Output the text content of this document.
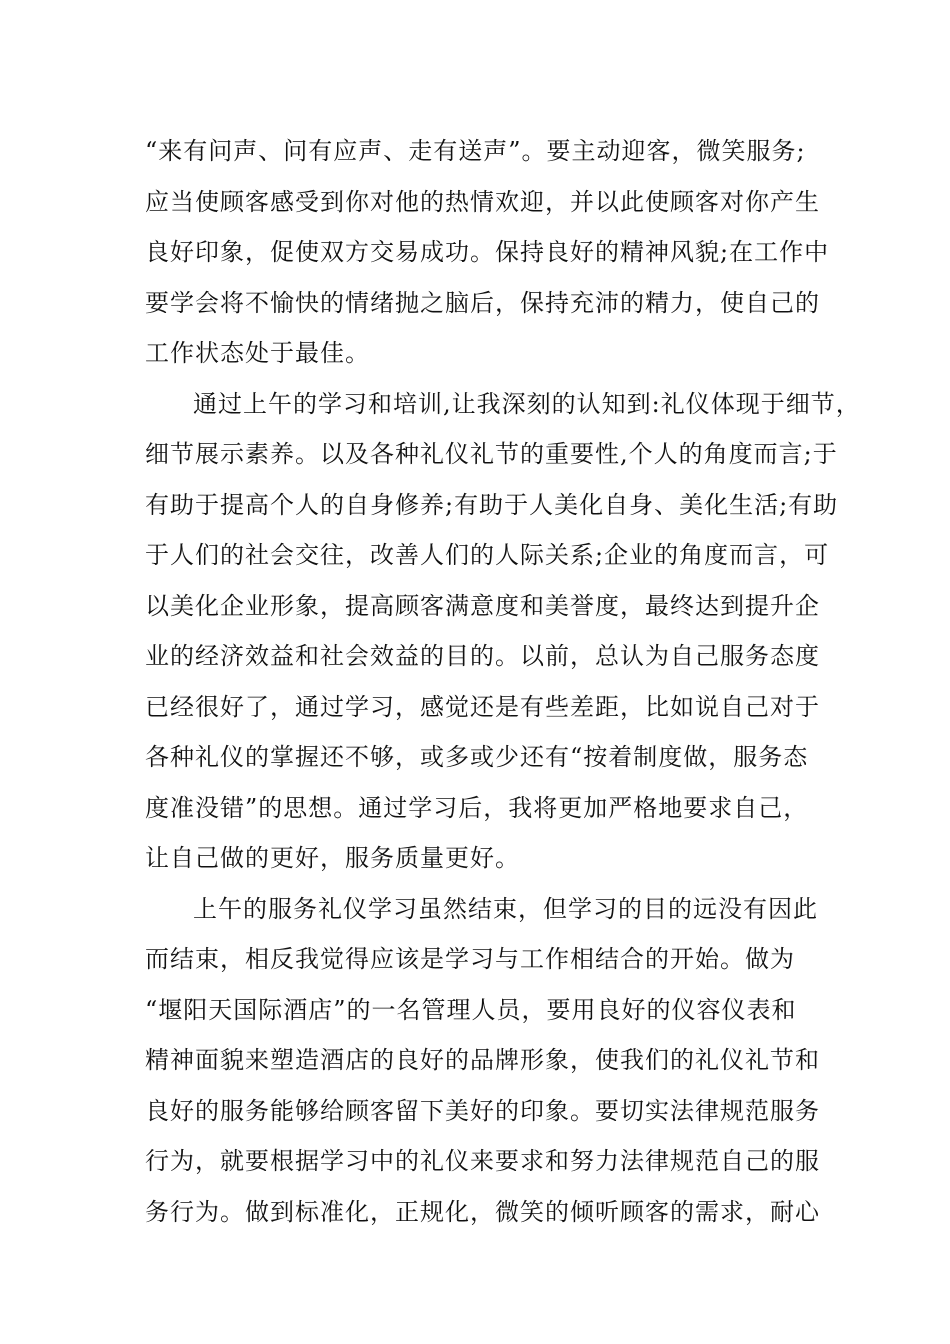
“来有问声、问有应声、走有送声”。要主动迎客，微笑服务;
应当使顾客感受到你对他的热情欢迎，并以此使顾客对你产生
良好印象，促使双方交易成功。保持良好的精神风貌;在工作中
要学会将不愉快的情绪抛之脑后，保持充沛的精力，使自己的
工作状态处于最佳。
通过上午的学习和培训,让我深刻的认知到:礼仪体现于细节，
细节展示素养。以及各种礼仪礼节的重要性,个人的角度而言;于
有助于提高个人的自身修养;有助于人美化自身、美化生活;有助
于人们的社会交往，改善人们的人际关系;企业的角度而言，可
以美化企业形象，提高顾客满意度和美誉度，最终达到提升企
业的经济效益和社会效益的目的。以前，总认为自己服务态度
已经很好了，通过学习，感觉还是有些差距，比如说自己对于
各种礼仪的掌握还不够，或多或少还有“按着制度做，服务态
度准没错”的思想。通过学习后，我将更加严格地要求自己，
让自己做的更好，服务质量更好。
上午的服务礼仪学习虽然结束，但学习的目的远没有因此
而结束，相反我觉得应该是学习与工作相结合的开始。做为
“堰阳天国际酒店”的一名管理人员，要用良好的仪容仪表和
精神面貌来塑造酒店的良好的品牌形象，使我们的礼仪礼节和
良好的服务能够给顾客留下美好的印象。要切实法律规范服务
行为，就要根据学习中的礼仪来要求和努力法律规范自己的服
务行为。做到标准化，正规化，微笑的倾听顾客的需求，耐心
